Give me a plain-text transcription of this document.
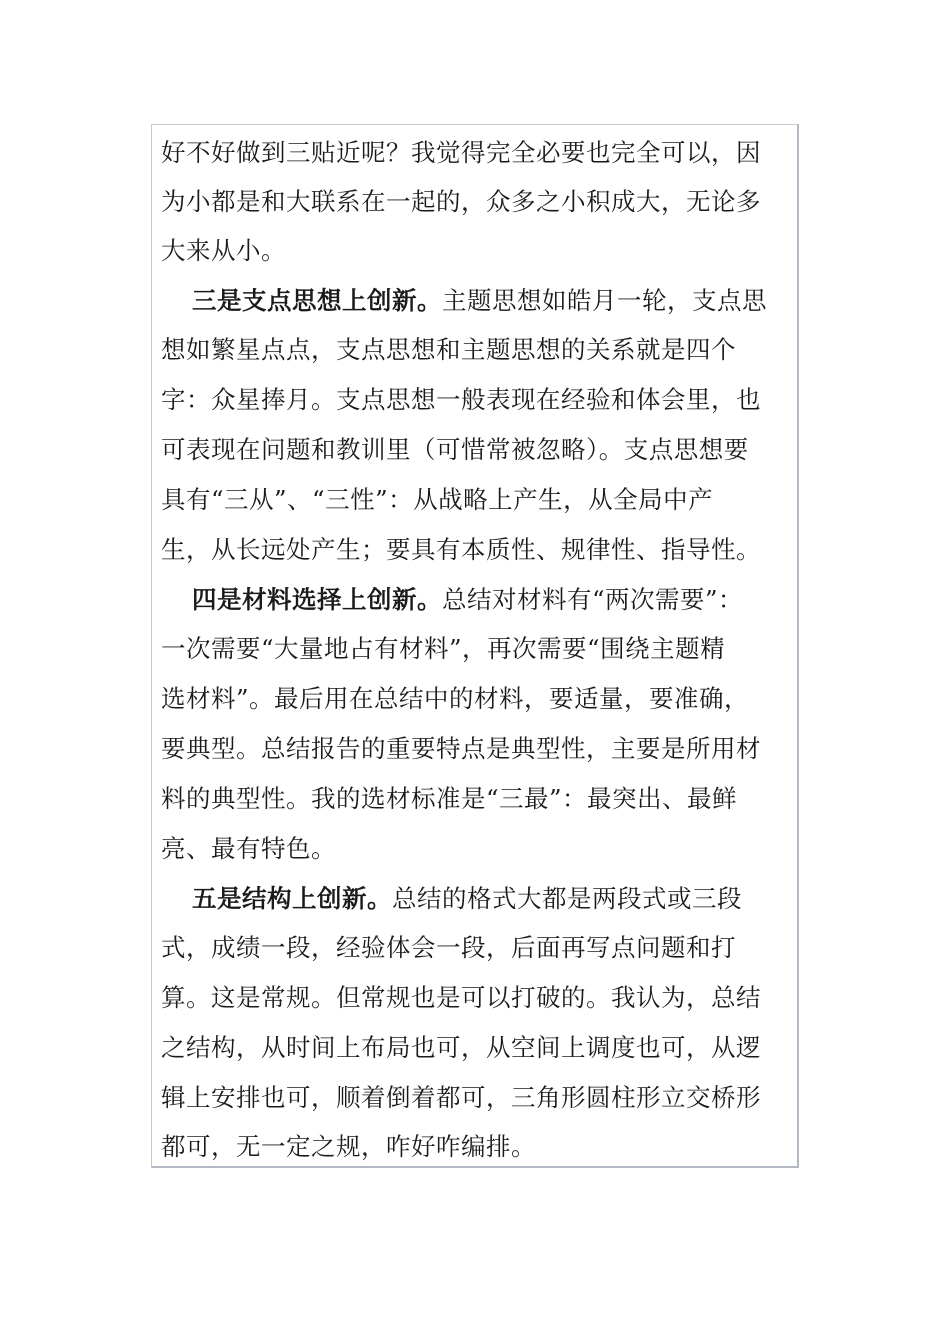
好不好做到三贴近呢？我觉得完全必要也完全可以，因

为小都是和大联系在一起的，众多之小积成大，无论多

大来从小。

三是支点思想上创新。主题思想如皓月一轮，支点思

想如繁星点点，支点思想和主题思想的关系就是四个

字：众星捧月。支点思想一般表现在经验和体会里，也

可表现在问题和教训里（可惜常被忽略）。支点思想要

具有“三从”、“三性”：从战略上产生，从全局中产

生，从长远处产生；要具有本质性、规律性、指导性。

四是材料选择上创新。总结对材料有“两次需要”：

一次需要“大量地占有材料”，再次需要“围绕主题精

选材料”。最后用在总结中的材料，要适量，要准确，

要典型。总结报告的重要特点是典型性，主要是所用材

料的典型性。我的选材标准是“三最”：最突出、最鲜

亮、最有特色。

五是结构上创新。总结的格式大都是两段式或三段

式，成绩一段，经验体会一段，后面再写点问题和打

算。这是常规。但常规也是可以打破的。我认为，总结

之结构，从时间上布局也可，从空间上调度也可，从逻

辑上安排也可，顺着倒着都可，三角形圆柱形立交桥形

都可，无一定之规，咋好咋编排。
